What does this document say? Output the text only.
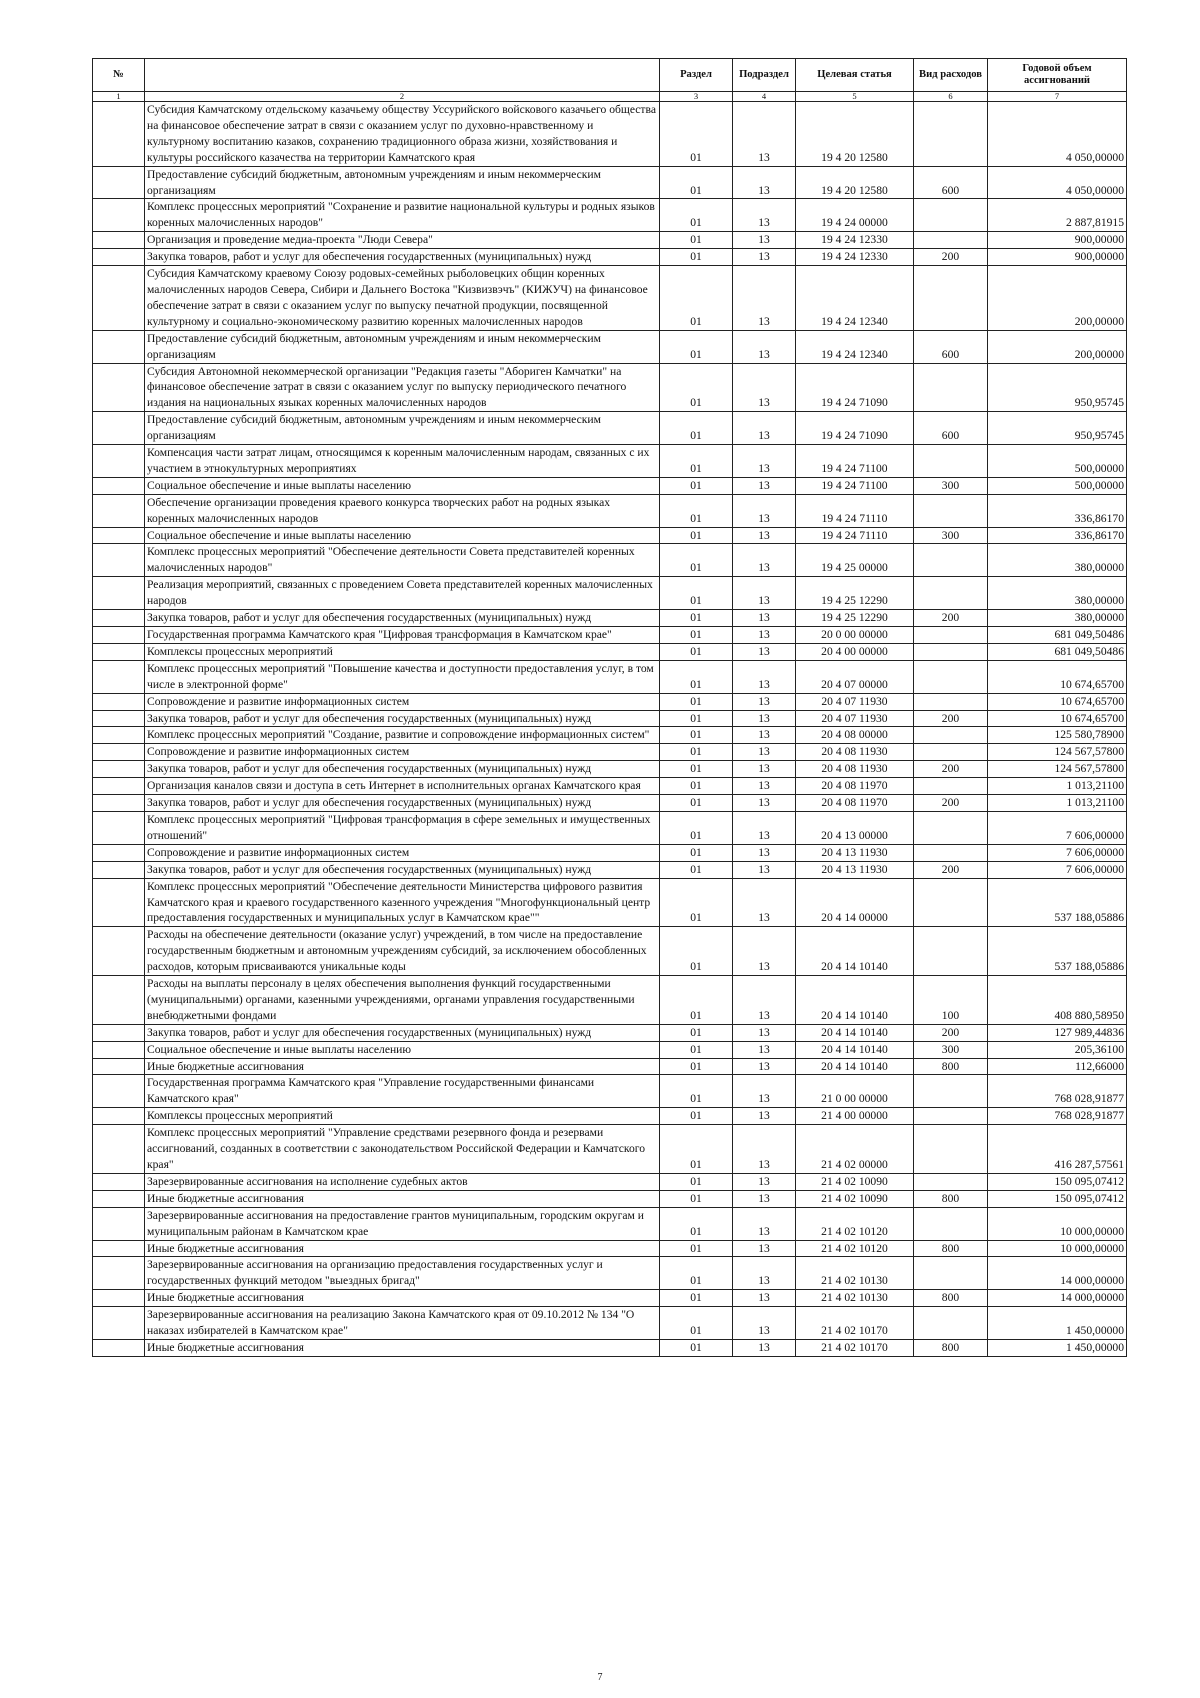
№		Раздел	Подраздел	Целевая статья	Вид расходов	Годовой объем ассигнований
1	2	3	4	5	6	7
	Субсидия Камчатскому отдельскому казачьему обществу Уссурийского войскового казачьего общества на финансовое обеспечение затрат в связи с оказанием услуг по духовно-нравственному и культурному воспитанию казаков, сохранению традиционного образа жизни, хозяйствования и культуры российского казачества на территории Камчатского края	01	13	19 4 20 12580		4 050,00000
	Предоставление субсидий бюджетным, автономным учреждениям и иным некоммерческим организациям	01	13	19 4 20 12580	600	4 050,00000
	Комплекс процессных мероприятий "Сохранение и развитие национальной культуры и родных языков коренных малочисленных народов"	01	13	19 4 24 00000		2 887,81915
	Организация и проведение медиа-проекта "Люди Севера"	01	13	19 4 24 12330		900,00000
	Закупка товаров, работ и услуг для обеспечения государственных (муниципальных) нужд	01	13	19 4 24 12330	200	900,00000
	Субсидия Камчатскому краевому Союзу родовых-семейных рыболовецких общин коренных малочисленных народов Севера, Сибири и Дальнего Востока "Кизвизвэчъ" (КИЖУЧ) на финансовое обеспечение затрат в связи с оказанием услуг по выпуску печатной продукции, посвященной культурному и социально-экономическому развитию коренных малочисленных народов	01	13	19 4 24 12340		200,00000
	Предоставление субсидий бюджетным, автономным учреждениям и иным некоммерческим организациям	01	13	19 4 24 12340	600	200,00000
	Субсидия Автономной некоммерческой организации "Редакция газеты "Абориген Камчатки" на финансовое обеспечение затрат в связи с оказанием услуг по выпуску периодического печатного издания на национальных языках коренных малочисленных народов	01	13	19 4 24 71090		950,95745
	Предоставление субсидий бюджетным, автономным учреждениям и иным некоммерческим организациям	01	13	19 4 24 71090	600	950,95745
	Компенсация части затрат лицам, относящимся к коренным малочисленным народам, связанных с их участием в этнокультурных мероприятиях	01	13	19 4 24 71100		500,00000
	Социальное обеспечение и иные выплаты населению	01	13	19 4 24 71100	300	500,00000
	Обеспечение организации проведения краевого конкурса творческих работ на родных языках коренных малочисленных народов	01	13	19 4 24 71110		336,86170
	Социальное обеспечение и иные выплаты населению	01	13	19 4 24 71110	300	336,86170
	Комплекс процессных мероприятий "Обеспечение деятельности Совета представителей коренных малочисленных народов"	01	13	19 4 25 00000		380,00000
	Реализация мероприятий, связанных с проведением Совета представителей коренных малочисленных народов	01	13	19 4 25 12290		380,00000
	Закупка товаров, работ и услуг для обеспечения государственных (муниципальных) нужд	01	13	19 4 25 12290	200	380,00000
	Государственная программа Камчатского края "Цифровая трансформация в Камчатском крае"	01	13	20 0 00 00000		681 049,50486
	Комплексы процессных мероприятий	01	13	20 4 00 00000		681 049,50486
	Комплекс процессных мероприятий "Повышение качества и доступности предоставления услуг, в том числе в электронной форме"	01	13	20 4 07 00000		10 674,65700
	Сопровождение и развитие информационных систем	01	13	20 4 07 11930		10 674,65700
	Закупка товаров, работ и услуг для обеспечения государственных (муниципальных) нужд	01	13	20 4 07 11930	200	10 674,65700
	Комплекс процессных мероприятий "Создание, развитие и сопровождение информационных систем"	01	13	20 4 08 00000		125 580,78900
	Сопровождение и развитие информационных систем	01	13	20 4 08 11930		124 567,57800
	Закупка товаров, работ и услуг для обеспечения государственных (муниципальных) нужд	01	13	20 4 08 11930	200	124 567,57800
	Организация каналов связи и доступа в сеть Интернет в исполнительных органах Камчатского края	01	13	20 4 08 11970		1 013,21100
	Закупка товаров, работ и услуг для обеспечения государственных (муниципальных) нужд	01	13	20 4 08 11970	200	1 013,21100
	Комплекс процессных мероприятий "Цифровая трансформация в сфере земельных и имущественных отношений"	01	13	20 4 13 00000		7 606,00000
	Сопровождение и развитие информационных систем	01	13	20 4 13 11930		7 606,00000
	Закупка товаров, работ и услуг для обеспечения государственных (муниципальных) нужд	01	13	20 4 13 11930	200	7 606,00000
	Комплекс процессных мероприятий "Обеспечение деятельности Министерства цифрового развития Камчатского края и краевого государственного казенного учреждения "Многофункциональный центр предоставления государственных и муниципальных услуг в Камчатском крае""	01	13	20 4 14 00000		537 188,05886
	Расходы на обеспечение деятельности (оказание услуг) учреждений, в том числе на предоставление государственным бюджетным и автономным учреждениям субсидий, за исключением обособленных расходов, которым присваиваются уникальные коды	01	13	20 4 14 10140		537 188,05886
	Расходы на выплаты персоналу в целях обеспечения выполнения функций государственными (муниципальными) органами, казенными учреждениями, органами управления государственными внебюджетными фондами	01	13	20 4 14 10140	100	408 880,58950
	Закупка товаров, работ и услуг для обеспечения государственных (муниципальных) нужд	01	13	20 4 14 10140	200	127 989,44836
	Социальное обеспечение и иные выплаты населению	01	13	20 4 14 10140	300	205,36100
	Иные бюджетные ассигнования	01	13	20 4 14 10140	800	112,66000
	Государственная программа Камчатского края "Управление государственными финансами Камчатского края"	01	13	21 0 00 00000		768 028,91877
	Комплексы процессных мероприятий	01	13	21 4 00 00000		768 028,91877
	Комплекс процессных мероприятий "Управление средствами резервного фонда и резервами ассигнований, созданных в соответствии с законодательством Российской Федерации и Камчатского края"	01	13	21 4 02 00000		416 287,57561
	Зарезервированные ассигнования на исполнение судебных актов	01	13	21 4 02 10090		150 095,07412
	Иные бюджетные ассигнования	01	13	21 4 02 10090	800	150 095,07412
	Зарезервированные ассигнования на предоставление грантов муниципальным, городским округам и муниципальным районам в Камчатском крае	01	13	21 4 02 10120		10 000,00000
	Иные бюджетные ассигнования	01	13	21 4 02 10120	800	10 000,00000
	Зарезервированные ассигнования на организацию предоставления государственных услуг и государственных функций методом "выездных бригад"	01	13	21 4 02 10130		14 000,00000
	Иные бюджетные ассигнования	01	13	21 4 02 10130	800	14 000,00000
	Зарезервированные ассигнования на реализацию Закона Камчатского края от 09.10.2012 № 134 "О наказах избирателей в Камчатском крае"	01	13	21 4 02 10170		1 450,00000
	Иные бюджетные ассигнования	01	13	21 4 02 10170	800	1 450,00000
7
